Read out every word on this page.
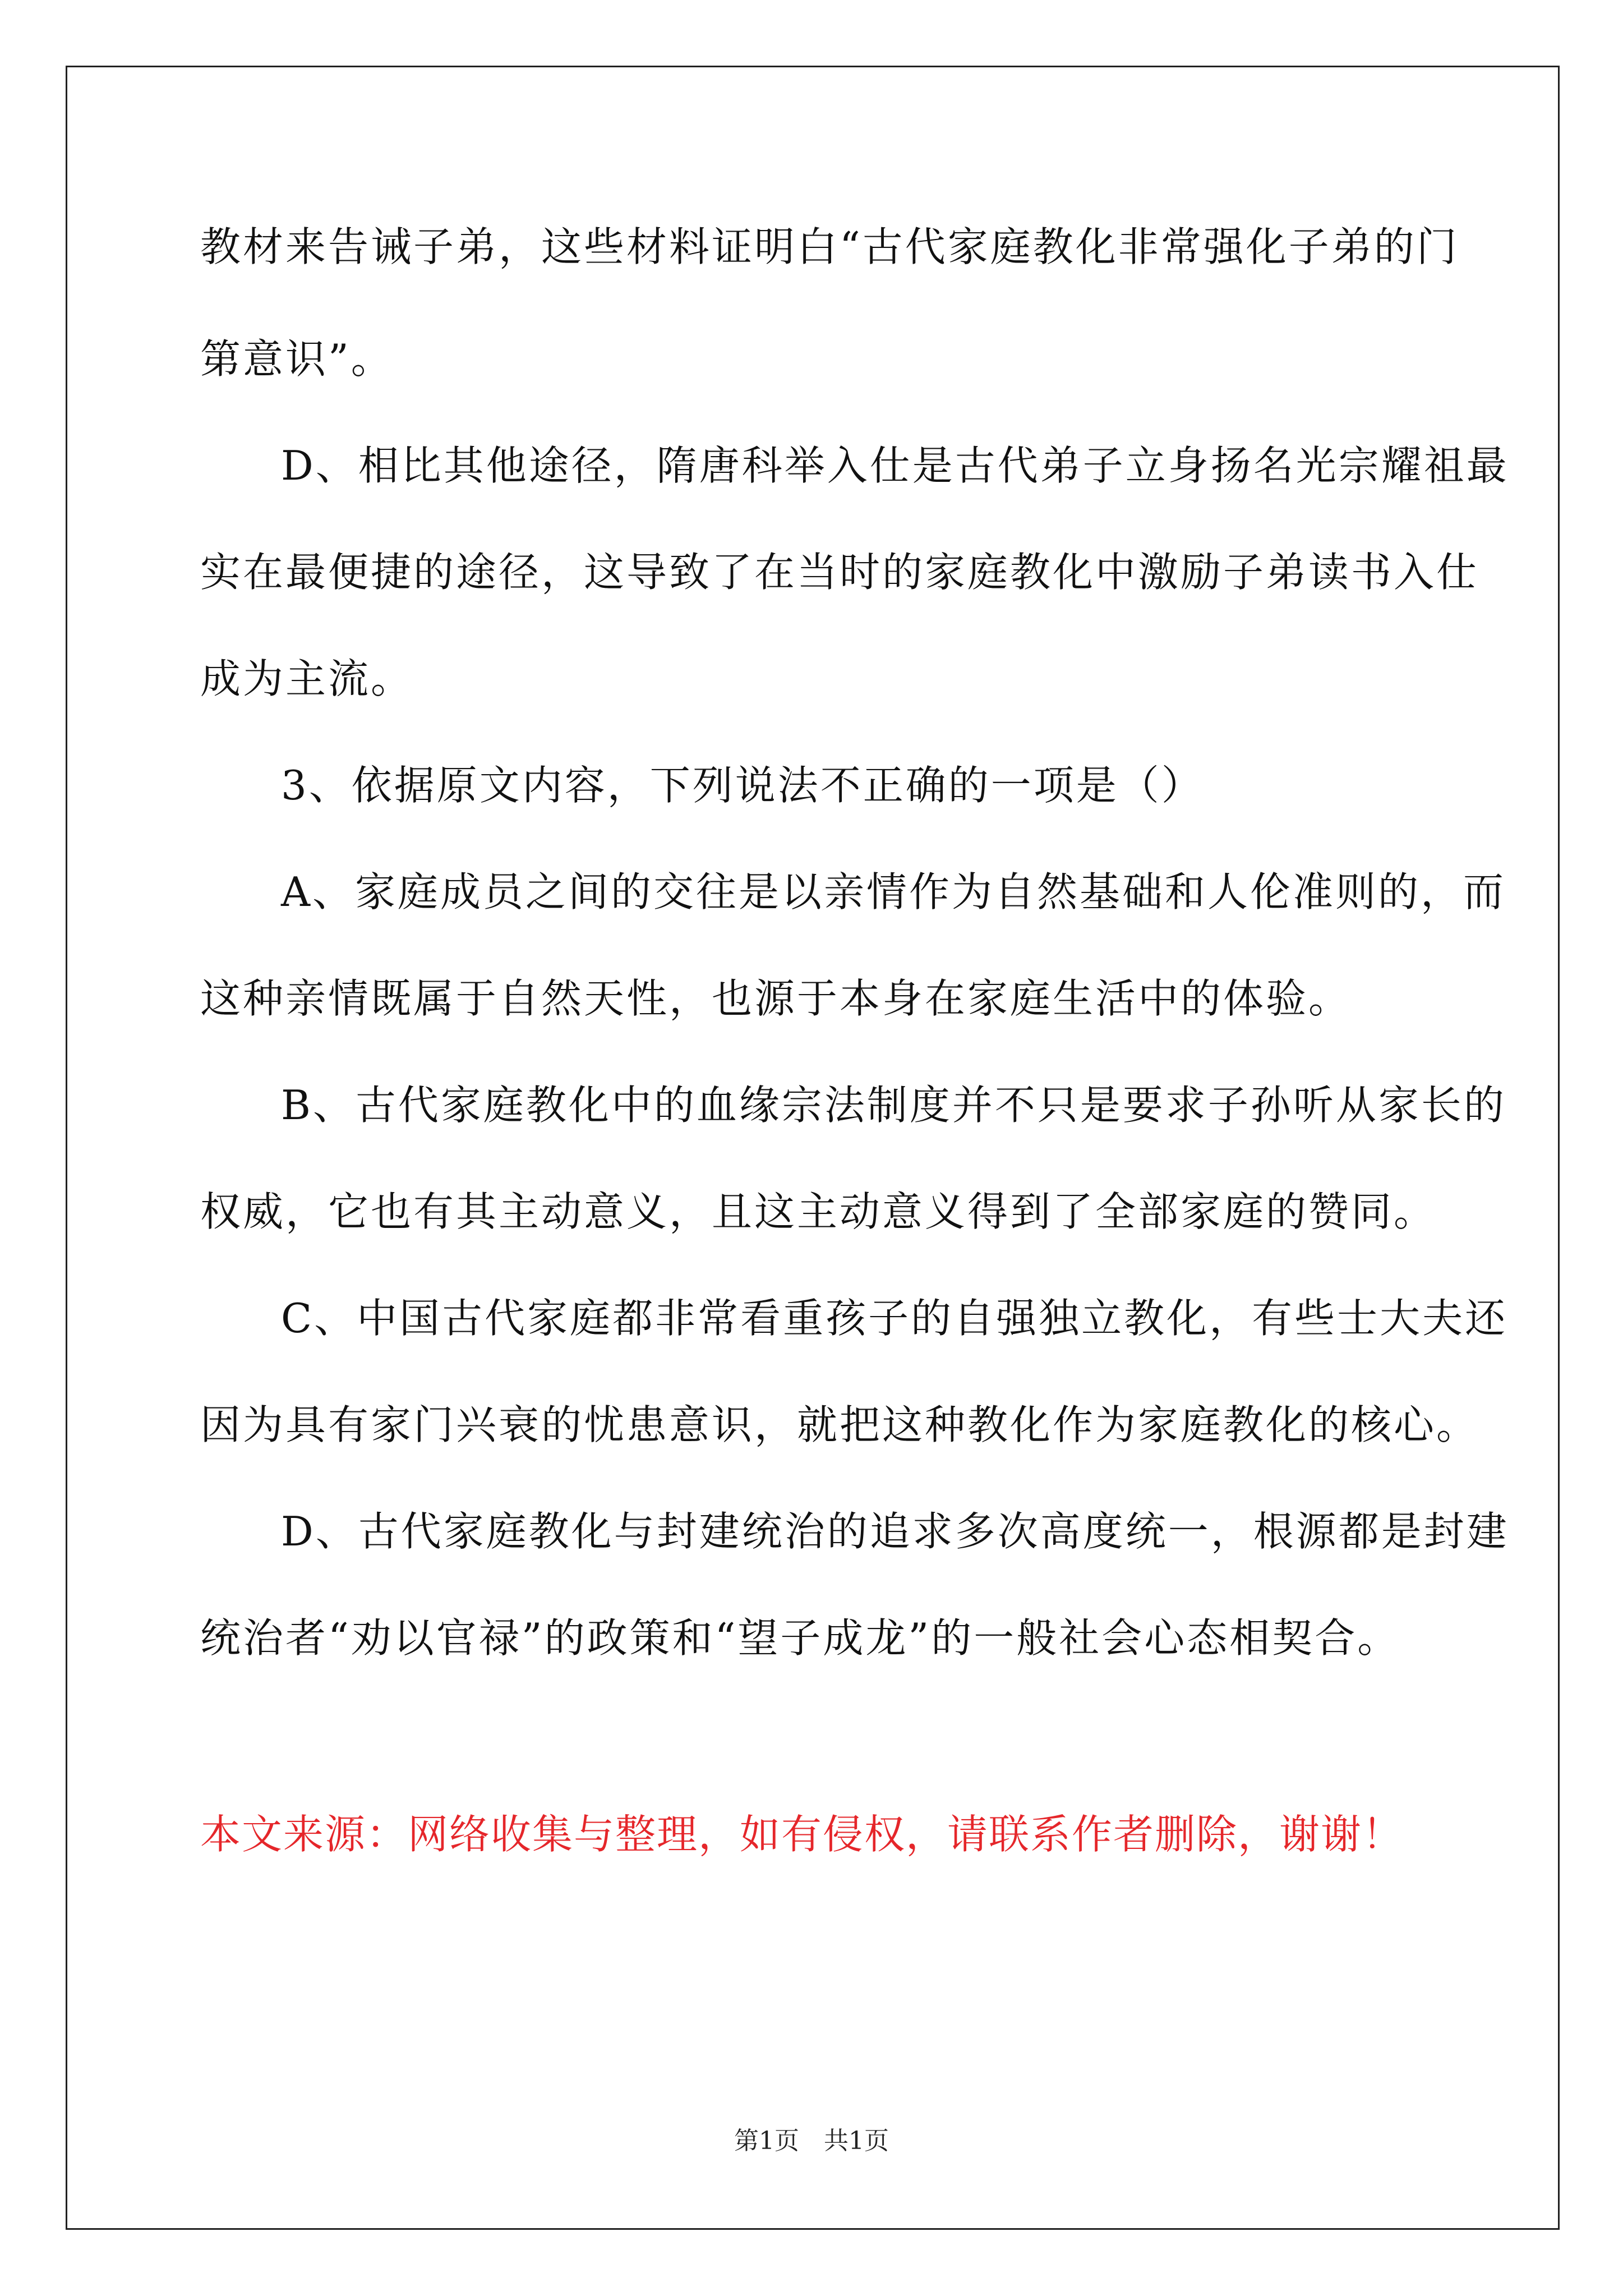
教材来告诫子弟，这些材料证明白“古代家庭教化非常强化子弟的门

第意识”。

D、相比其他途径，隋唐科举入仕是古代弟子立身扬名光宗耀祖最

实在最便捷的途径，这导致了在当时的家庭教化中激励子弟读书入仕

成为主流。

3、依据原文内容，下列说法不正确的一项是（）

A、家庭成员之间的交往是以亲情作为自然基础和人伦准则的，而

这种亲情既属于自然天性，也源于本身在家庭生活中的体验。

B、古代家庭教化中的血缘宗法制度并不只是要求子孙听从家长的

权威，它也有其主动意义，且这主动意义得到了全部家庭的赞同。

C、中国古代家庭都非常看重孩子的自强独立教化，有些士大夫还

因为具有家门兴衰的忧患意识，就把这种教化作为家庭教化的核心。

D、古代家庭教化与封建统治的追求多次高度统一，根源都是封建

统治者“劝以官禄”的政策和“望子成龙”的一般社会心态相契合。

本文来源：网络收集与整理，如有侵权，请联系作者删除，谢谢！

第1页　共1页
